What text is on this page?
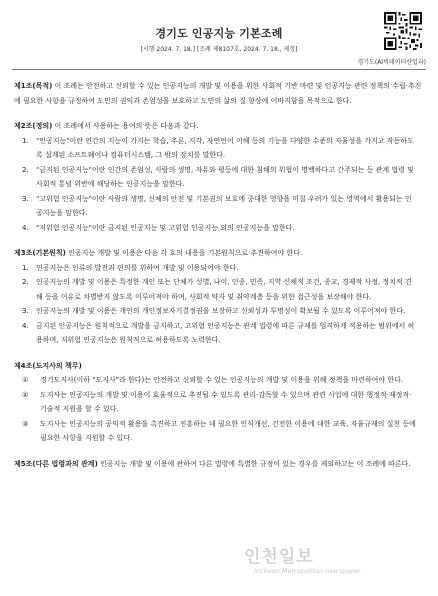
경기도 인공지능 기본조례
[시행 2024. 7. 18.] [조례 제8107호, 2024. 7. 18., 제정]
경기도(AI빅데이터산업과)

제1조(목적) 이 조례는 안전하고 신뢰할 수 있는 인공지능의 개발 및 이용을 위한 사회적 기반 마련 및 인공지능 관련 정책의 수립·추진에 필요한 사항을 규정하여 도민의 권익과 존엄성을 보호하고 도민의 삶의 질 향상에 이바지함을 목적으로 한다.

제2조(정의) 이 조례에서 사용하는 용어의 뜻은 다음과 같다.

1. "인공지능"이란 인간의 지능이 가지는 학습, 추론, 지각, 자연언어 이해 등의 기능을 다양한 수준의 자율성을 가지고 작동하도록 설계된 소프트웨어나 컴퓨터시스템, 그 밖의 장치를 말한다.

2. "금지된 인공지능"이란 인간의 존엄성, 사람의 생명, 자유와 평등에 대한 침해의 위협이 명백하다고 간주되는 등 관계 법령 및 사회적 통념 위반에 해당하는 인공지능을 말한다.

3. "고위험 인공지능"이란 사람의 생명, 신체의 안전 및 기본권의 보호에 중대한 영향을 미칠 우려가 있는 영역에서 활용되는 인공지능을 말한다.

4. "저위험 인공지능"이란 금지된 인공지능 및 고위험 인공지능 외의 인공지능을 말한다.

제3조(기본원칙) 인공지능 개발 및 이용은 다음 각 호의 내용을 기본원칙으로 추진하여야 한다.

1. 인공지능은 인류의 발전과 편의를 위하여 개발 및 이용되어야 한다.

2. 인공지능의 개발 및 이용은 특정한 개인 또는 단체가 성별, 나이, 인종, 민족, 지역 신체적 조건, 종교, 경제적 사정, 정치적 견해 등을 이유로 차별받지 않도록 이루어져야 하며, 사회적 약자 및 취약계층 등을 위한 접근성을 보장해야 한다.

3. 인공지능의 개발 및 이용은 개인의 개인정보자기결정권을 보장하고 신뢰성과 투명성이 확보될 수 있도록 이루어져야 한다.

4. 금지된 인공지능은 원칙적으로 개발을 금지하고, 고위험 인공지능은 관계 법령에 따른 규제를 엄격하게 적용하는 범위에서 허용하며, 저위험 인공지능은 원칙적으로 허용하도록 노력한다.

제4조(도지사의 책무)

① 경기도지사(이하 "도지사"라 한다)는 안전하고 신뢰할 수 있는 인공지능의 개발 및 이용을 위해 정책을 마련하여야 한다.

② 도지사는 인공지능의 개발 및 이용이 효율적으로 추진될 수 있도록 관리·감독할 수 있으며 관련 사업에 대한 행정적·재정적·기술적 지원을 할 수 있다.

③ 도지사는 인공지능의 공익적 활용을 촉진하고 진흥하는 데 필요한 인식개선, 건전한 이용에 대한 교육, 자율규제의 실천 등에 필요한 사항을 지원할 수 있다.

제5조(다른 법령과의 관계) 인공지능 개발 및 이용에 관하여 다른 법령에 특별한 규정이 있는 경우를 제외하고는 이 조례에 따른다.

인천일보
Incheon Metropolitan newspaper
